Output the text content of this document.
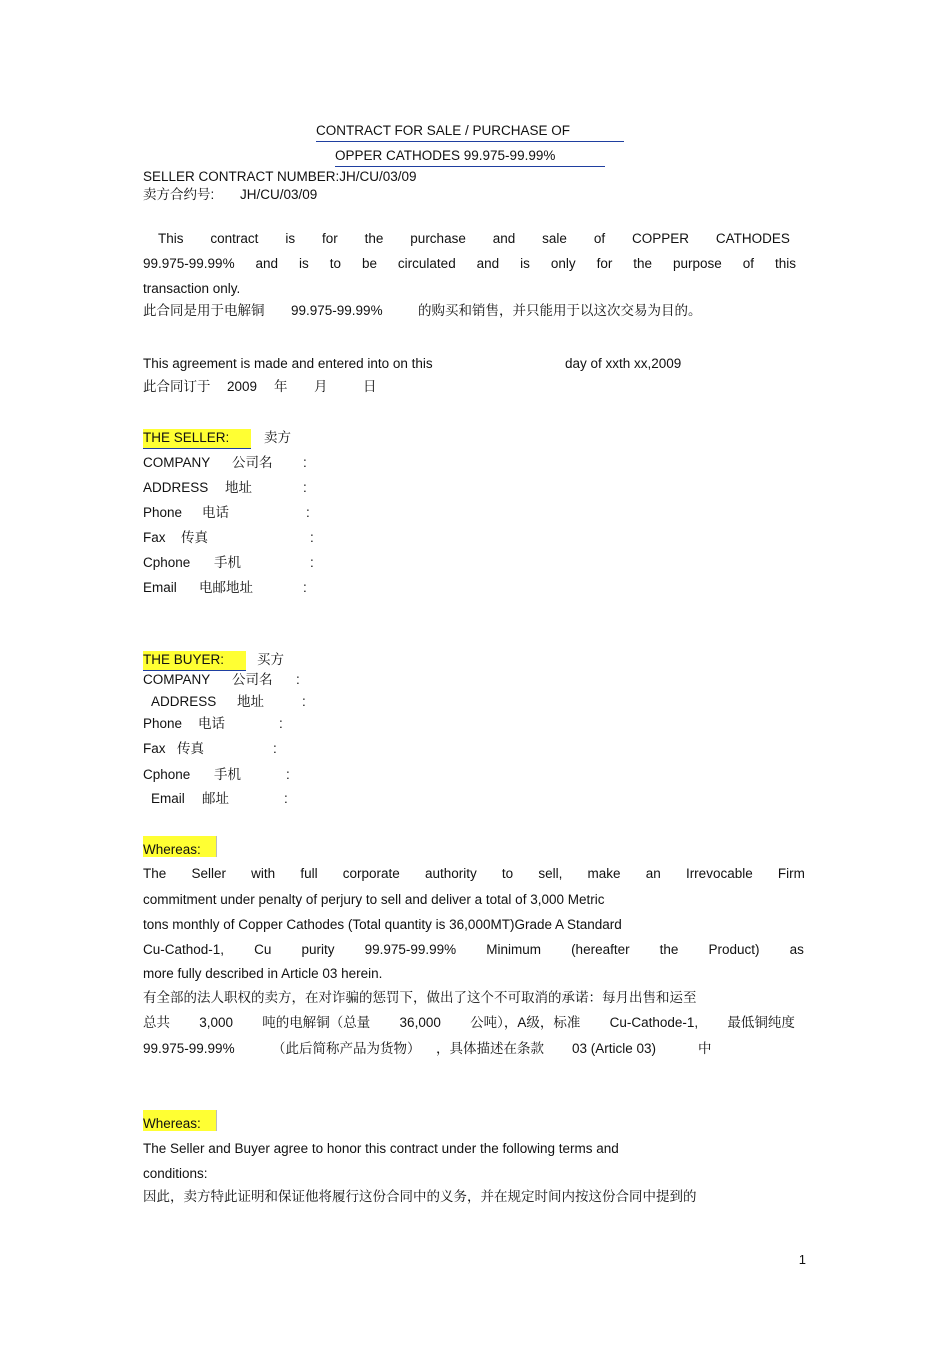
CONTRACT FOR SALE / PURCHASE OF
OPPER CATHODES 99.975-99.99%
SELLER CONTRACT NUMBER:JH/CU/03/09
卖方合约号: JH/CU/03/09
This contract is for the purchase and sale of COPPER CATHODES
99.975-99.99% and is to be circulated and is only for the purpose of this
transaction only.
此合同是用于电解铜 99.975-99.99%	的购买和销售，并只能用于以这次交易为目的。
This agreement is made and entered into on this	day of xxth xx,2009
此合同订于 2009 年 月	日
THE SELLER:	卖方
COMPANY 公司名 :
ADDRESS 地址	:
Phone 电话	:
Fax 传真	:
Cphone 手机	:
Email 电邮地址	:
THE BUYER:	买方
COMPANY 公司名 :
ADDRESS 地址	:
Phone 电话	:
Fax 传真	:
Cphone 手机	:
Email 邮址	:
Whereas:
The Seller with full corporate authority to sell, make an Irrevocable Firm
commitment under penalty of perjury to sell and deliver a total of 3,000 Metric
tons monthly of Copper Cathodes (Total quantity is 36,000MT)Grade A Standard
Cu-Cathod-1, Cu purity 99.975-99.99% Minimum (hereafter the Product) as
more fully described in Article 03 herein.
有全部的法人职权的卖方，在对诈骗的惩罚下，做出了这个不可取消的承诺：每月出售和运至
总共 3,000 吨的电解铜（总量 36,000 公吨），A级，标准 Cu-Cathode-1, 最低铜纯度
99.975-99.99%	（此后简称产品为货物） ，具体描述在条款 03 (Article 03)	中
Whereas:
The Seller and Buyer agree to honor this contract under the following terms and
conditions:
因此，卖方特此证明和保证他将履行这份合同中的义务，并在规定时间内按这份合同中提到的
1
